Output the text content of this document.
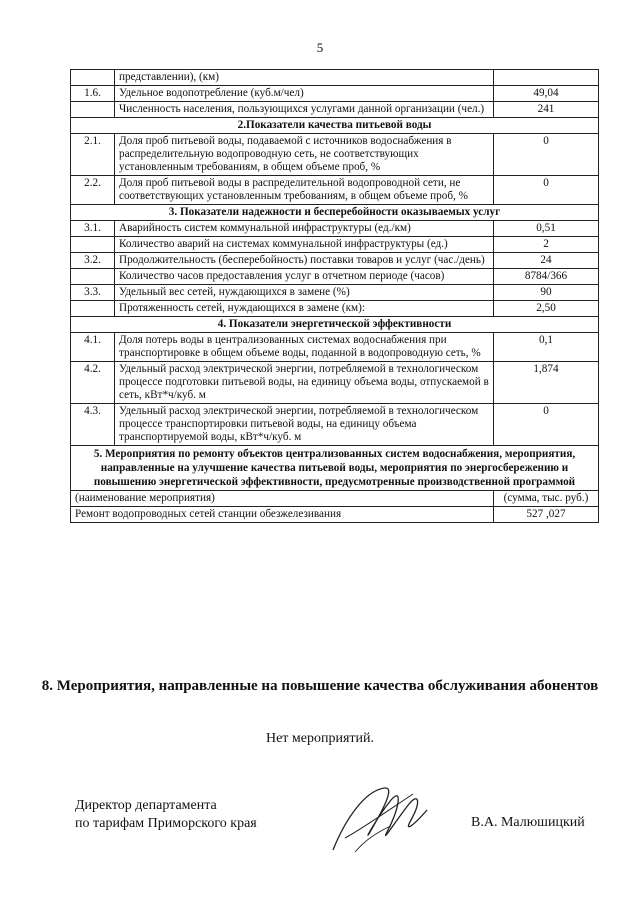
5
	представлении), (км)	
1.6.	Удельное водопотребление (куб.м/чел)	49,04
	Численность населения, пользующихся услугами данной организации (чел.)	241
2.Показатели качества питьевой воды		
2.1.	Доля проб питьевой воды, подаваемой с источников водоснабжения в распределительную водопроводную сеть, не соответствующих установленным требованиям, в общем объеме проб, %	0
2.2.	Доля проб питьевой воды в распределительной водопроводной сети, не соответствующих установленным требованиям, в общем объеме проб, %	0
3. Показатели надежности и бесперебойности оказываемых услуг		
3.1.	Аварийность систем коммунальной инфраструктуры (ед./км)	0,51
	Количество аварий на системах коммунальной инфраструктуры (ед.)	2
3.2.	Продолжительность (бесперебойность) поставки товаров и услуг (час./день)	24
	Количество часов предоставления услуг в отчетном периоде (часов)	8784/366
3.3.	Удельный вес сетей, нуждающихся в замене (%)	90
	Протяженность сетей, нуждающихся в замене (км):	2,50
4. Показатели энергетической эффективности		
4.1.	Доля потерь воды в централизованных системах водоснабжения при транспортировке в общем объеме воды, поданной в водопроводную сеть, %	0,1
4.2.	Удельный расход электрической энергии, потребляемой в технологическом процессе подготовки питьевой воды, на единицу объема воды, отпускаемой в сеть, кВт*ч/куб. м	1,874
4.3.	Удельный расход электрической энергии, потребляемой в технологическом процессе транспортировки питьевой воды, на единицу объема транспортируемой воды, кВт*ч/куб. м	0
5. Мероприятия по ремонту объектов централизованных систем водоснабжения, мероприятия, направленные на улучшение качества питьевой воды, мероприятия по энергосбережению и повышению энергетической эффективности, предусмотренные производственной программой		
(наименование мероприятия)		(сумма, тыс. руб.)
Ремонт водопроводных сетей станции обезжелезивания		527 ,027
8. Мероприятия, направленные на повышение качества обслуживания абонентов
Нет мероприятий.
Директор департамента
по тарифам Приморского края	В.А. Малюшицкий
